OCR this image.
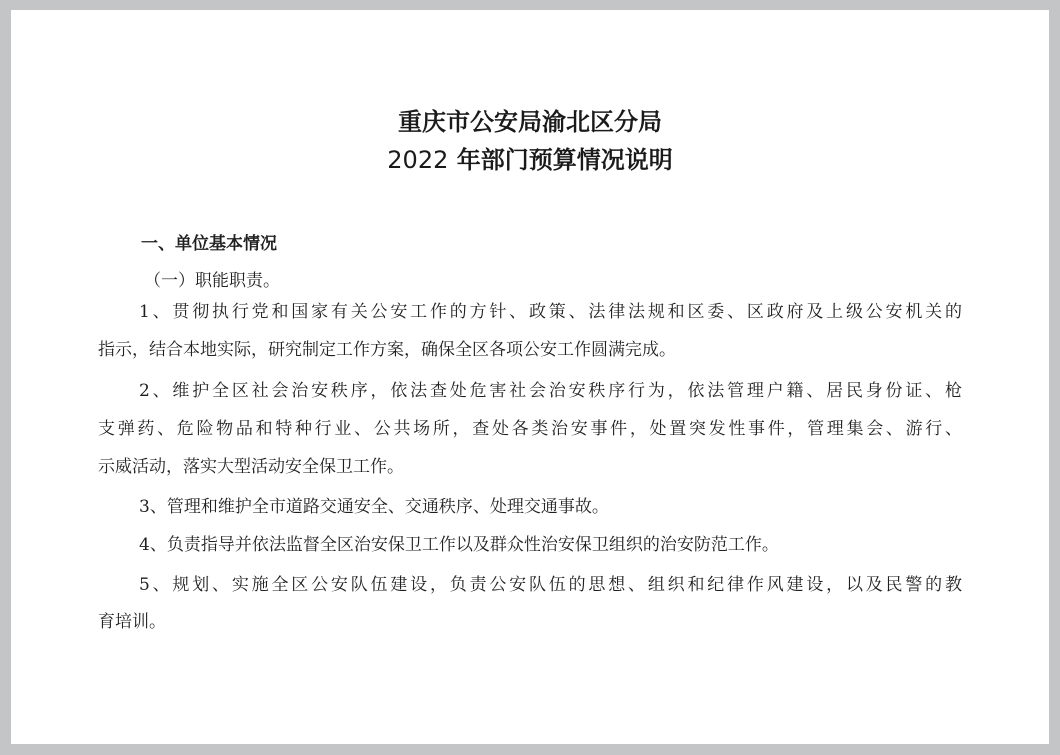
重庆市公安局渝北区分局
2022 年部门预算情况说明
一、单位基本情况
（一）职能职责。
1、贯彻执行党和国家有关公安工作的方针、政策、法律法规和区委、区政府及上级公安机关的
指示，结合本地实际，研究制定工作方案，确保全区各项公安工作圆满完成。
2、维护全区社会治安秩序，依法查处危害社会治安秩序行为，依法管理户籍、居民身份证、枪
支弹药、危险物品和特种行业、公共场所，查处各类治安事件，处置突发性事件，管理集会、游行、
示威活动，落实大型活动安全保卫工作。
3、管理和维护全市道路交通安全、交通秩序、处理交通事故。
4、负责指导并依法监督全区治安保卫工作以及群众性治安保卫组织的治安防范工作。
5、规划、实施全区公安队伍建设，负责公安队伍的思想、组织和纪律作风建设，以及民警的教
育培训。
